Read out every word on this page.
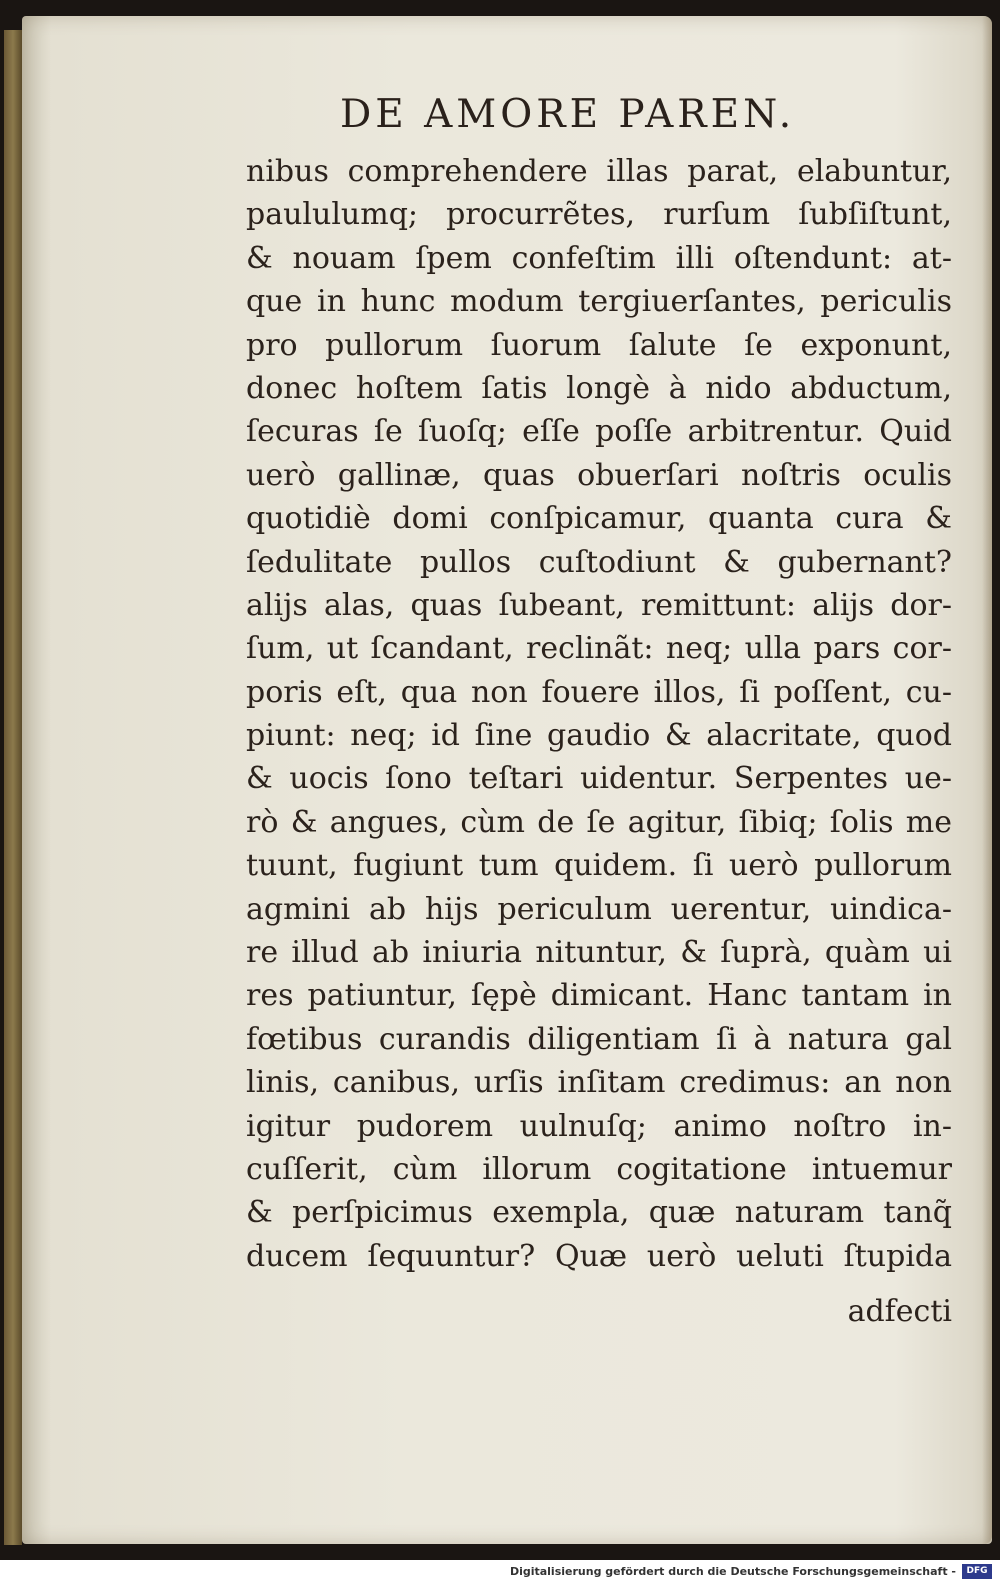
DE AMORE PAREN.
nibus comprehendere illas parat, elabuntur,
paululumq; procurrẽtes, rurſum ſubſiſtunt,
& nouam ſpem confeſtim illi oſtendunt: at-
que in hunc modum tergiuerſantes, periculis
pro pullorum ſuorum ſalute ſe exponunt,
donec hoſtem ſatis longè à nido abductum,
ſecuras ſe ſuoſq; eſſe poſſe arbitrentur. Quid
uerò gallinæ, quas obuerſari noſtris oculis
quotidiè domi conſpicamur, quanta cura &
ſedulitate pullos cuſtodiunt & gubernant?
alijs alas, quas ſubeant, remittunt: alijs dor-
ſum, ut ſcandant, reclinãt: neq; ulla pars cor-
poris eſt, qua non fouere illos, ſi poſſent, cu-
piunt: neq; id ſine gaudio & alacritate, quod
& uocis ſono teſtari uidentur. Serpentes ue-
rò & angues, cùm de ſe agitur, ſibiq; ſolis me
tuunt, fugiunt tum quidem. ſi uerò pullorum
agmini ab hijs periculum uerentur, uindica-
re illud ab iniuria nituntur, & ſuprà, quàm ui
res patiuntur, ſępè dimicant. Hanc tantam in
fœtibus curandis diligentiam ſi à natura gal
linis, canibus, urſis inſitam credimus: an non
igitur pudorem uulnuſq; animo noſtro in-
cuſſerit, cùm illorum cogitatione intuemur
& perſpicimus exempla, quæ naturam tanq̃
ducem ſequuntur? Quæ uerò ueluti ſtupida
adfecti
Digitalisierung gefördert durch die Deutsche Forschungsgemeinschaft -	DFG
